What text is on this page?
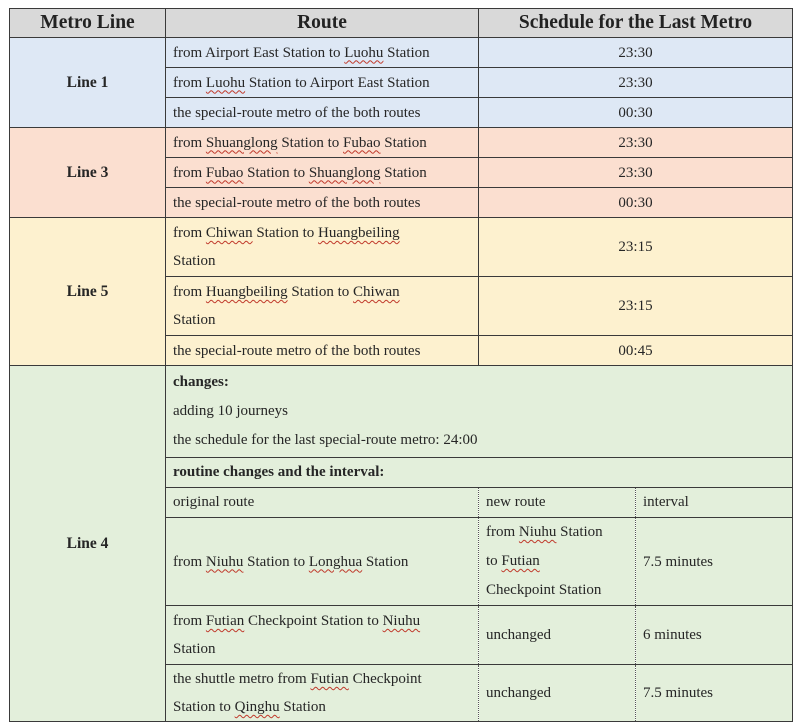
Metro Line	Route	Schedule for the Last Metro	
Line 1	from Airport East Station to Luohu Station	23:30	
	from Luohu Station to Airport East Station	23:30	
	the special-route metro of the both routes	00:30	
Line 3	from Shuanglong Station to Fubao Station	23:30	
	from Fubao Station to Shuanglong Station	23:30	
	the special-route metro of the both routes	00:30	
Line 5	from Chiwan Station to Huangbeiling
Station	23:15	
	from Huangbeiling Station to Chiwan
Station	23:15	
	the special-route metro of the both routes	00:45	
Line 4	changes:		
	adding 10 journeys		
	the schedule for the last special-route metro: 24:00		
	routine changes and the interval:		
	original route	new route	interval
	from Niuhu Station to Longhua Station	from Niuhu Station
to Futian
Checkpoint Station	7.5 minutes
	from Futian Checkpoint Station to Niuhu
Station	unchanged	6 minutes
	the shuttle metro from Futian Checkpoint
Station to Qinghu Station	unchanged	7.5 minutes
